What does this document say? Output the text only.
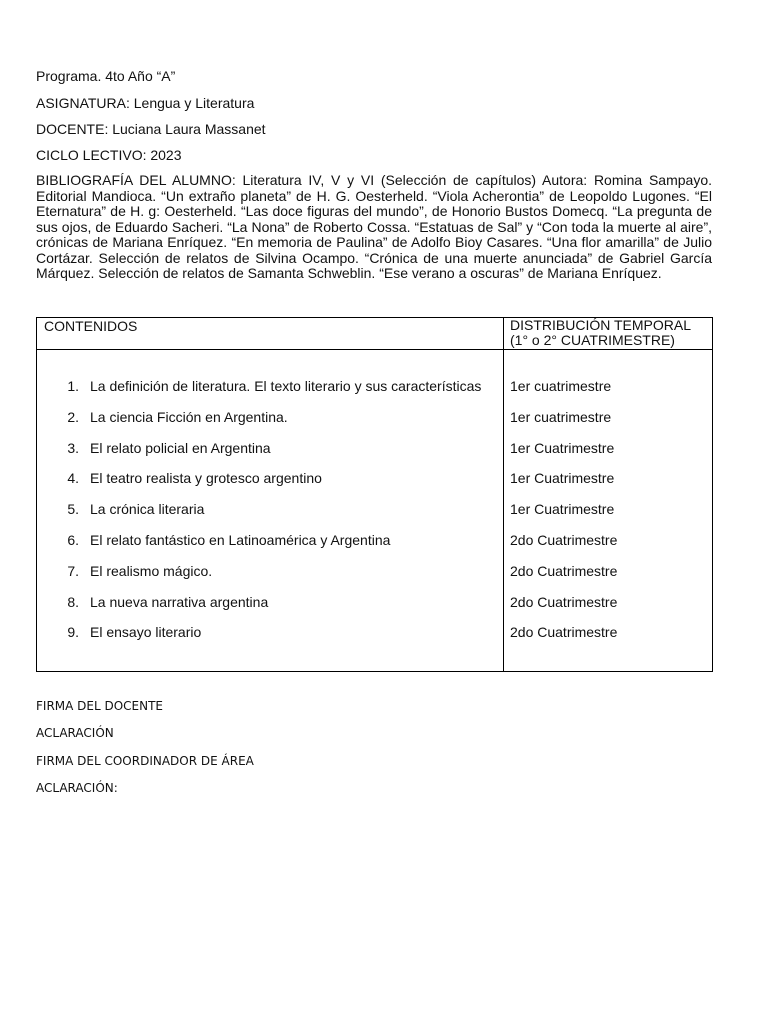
Programa. 4to Año “A”
ASIGNATURA: Lengua y Literatura
DOCENTE: Luciana Laura Massanet
CICLO LECTIVO: 2023
BIBLIOGRAFÍA DEL ALUMNO: Literatura IV, V y VI (Selección de capítulos) Autora: Romina Sampayo. Editorial Mandioca. “Un extraño planeta” de H. G. Oesterheld. “Viola Acherontia” de Leopoldo Lugones. “El Eternatura” de H. g: Oesterheld. “Las doce figuras del mundo”, de Honorio Bustos Domecq. “La pregunta de sus ojos, de Eduardo Sacheri. “La Nona” de Roberto Cossa. “Estatuas de Sal” y “Con toda la muerte al aire”, crónicas de Mariana Enríquez. “En memoria de Paulina” de Adolfo Bioy Casares. “Una flor amarilla” de Julio Cortázar. Selección de relatos de Silvina Ocampo. “Crónica de una muerte anunciada” de Gabriel García Márquez. Selección de relatos de Samanta Schweblin. “Ese verano a oscuras” de Mariana Enríquez.
CONTENIDOS	DISTRIBUCIÓN TEMPORAL (1° o 2° CUATRIMESTRE)
1. La definición de literatura. El texto literario y sus características 1er cuatrimestre
2. La ciencia Ficción en Argentina.	1er cuatrimestre
3. El relato policial en Argentina	1er Cuatrimestre
4. El teatro realista y grotesco argentino	1er Cuatrimestre
5. La crónica literaria	1er Cuatrimestre
6. El relato fantástico en Latinoamérica y Argentina	2do Cuatrimestre
7. El realismo mágico.	2do Cuatrimestre
8. La nueva narrativa argentina	2do Cuatrimestre
9. El ensayo literario	2do Cuatrimestre
FIRMA DEL DOCENTE
ACLARACIÓN
FIRMA DEL COORDINADOR DE ÁREA
ACLARACIÓN:
